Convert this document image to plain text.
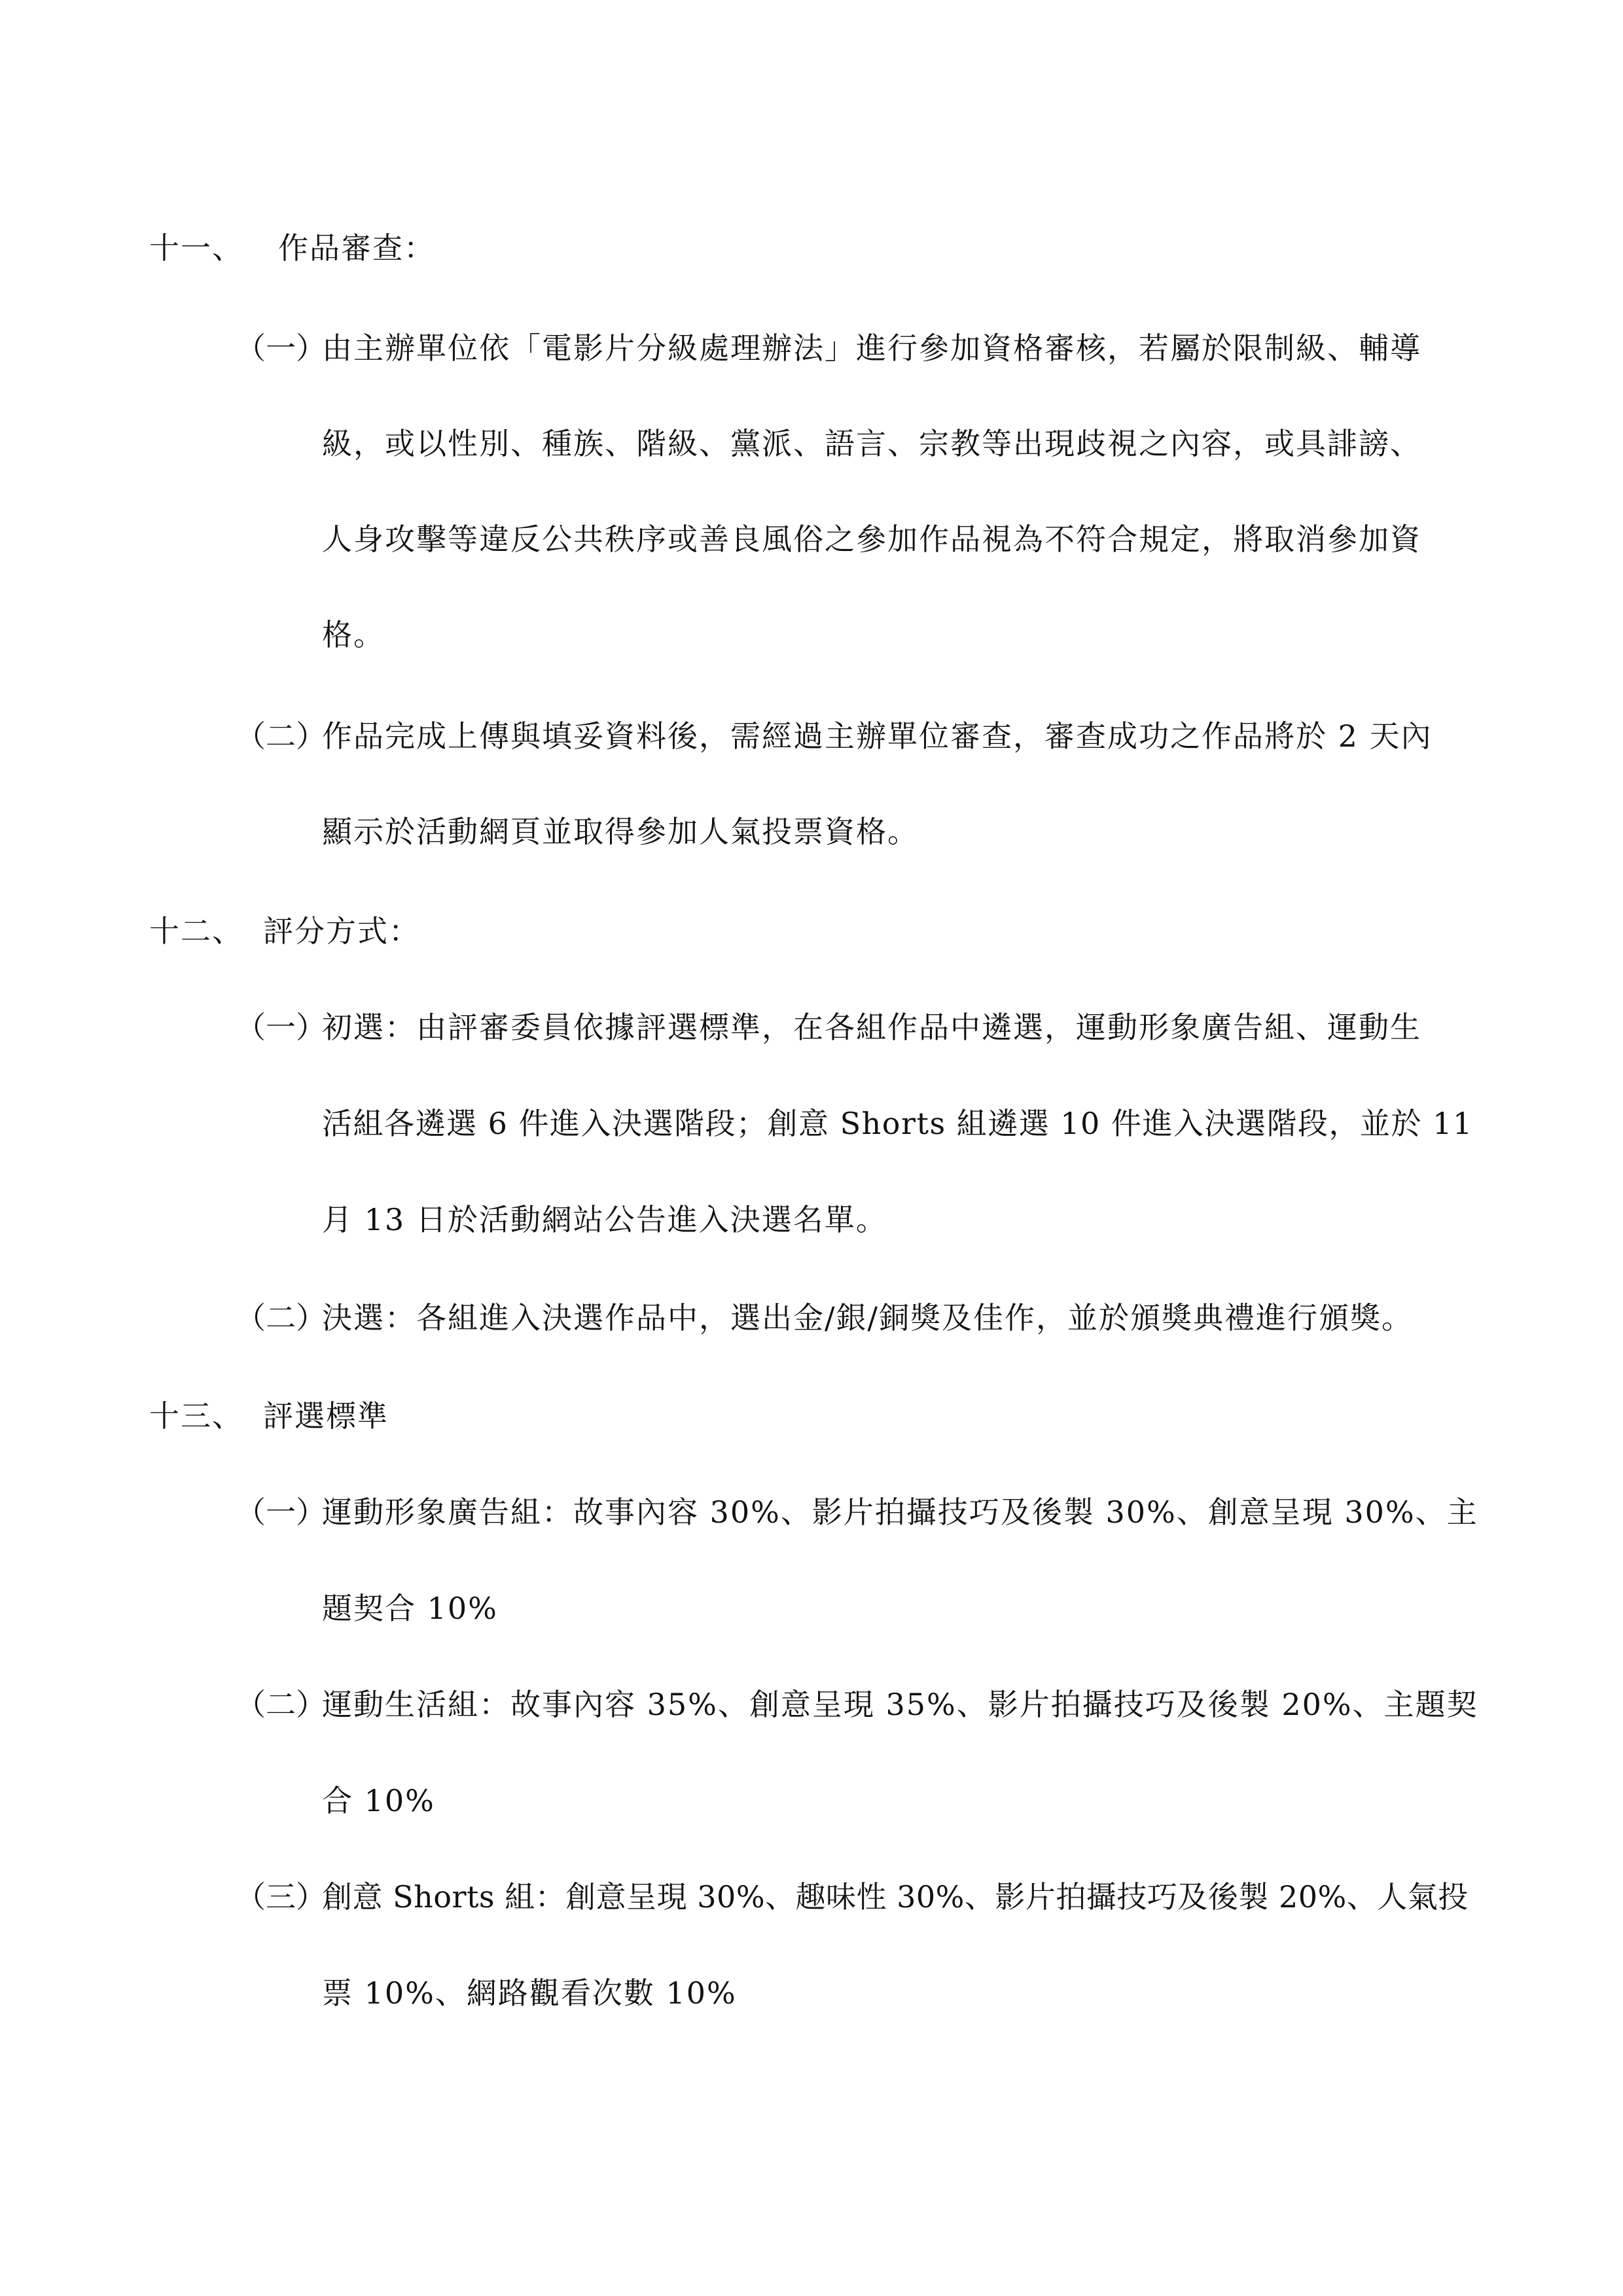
十一、 作品審查：
（一）
由主辦單位依「電影片分級處理辦法」進行參加資格審核，若屬於限制級、輔導
級，或以性別、種族、階級、黨派、語言、宗教等出現歧視之內容，或具誹謗、
人身攻擊等違反公共秩序或善良風俗之參加作品視為不符合規定，將取消參加資
格。
（二）
作品完成上傳與填妥資料後，需經過主辦單位審查，審查成功之作品將於 2 天內
顯示於活動網頁並取得參加人氣投票資格。
十二、 評分方式：
（一）
初選：由評審委員依據評選標準，在各組作品中遴選，運動形象廣告組、運動生
活組各遴選 6 件進入決選階段；創意 Shorts 組遴選 10 件進入決選階段，並於 11
月 13 日於活動網站公告進入決選名單。
（二）
決選：各組進入決選作品中，選出金/銀/銅獎及佳作，並於頒獎典禮進行頒獎。
十三、 評選標準
（一）
運動形象廣告組：故事內容 30%、影片拍攝技巧及後製 30%、創意呈現 30%、主
題契合 10%
（二）
運動生活組：故事內容 35%、創意呈現 35%、影片拍攝技巧及後製 20%、主題契
合 10%
（三）
創意 Shorts 組：創意呈現 30%、趣味性 30%、影片拍攝技巧及後製 20%、人氣投
票 10%、網路觀看次數 10%
